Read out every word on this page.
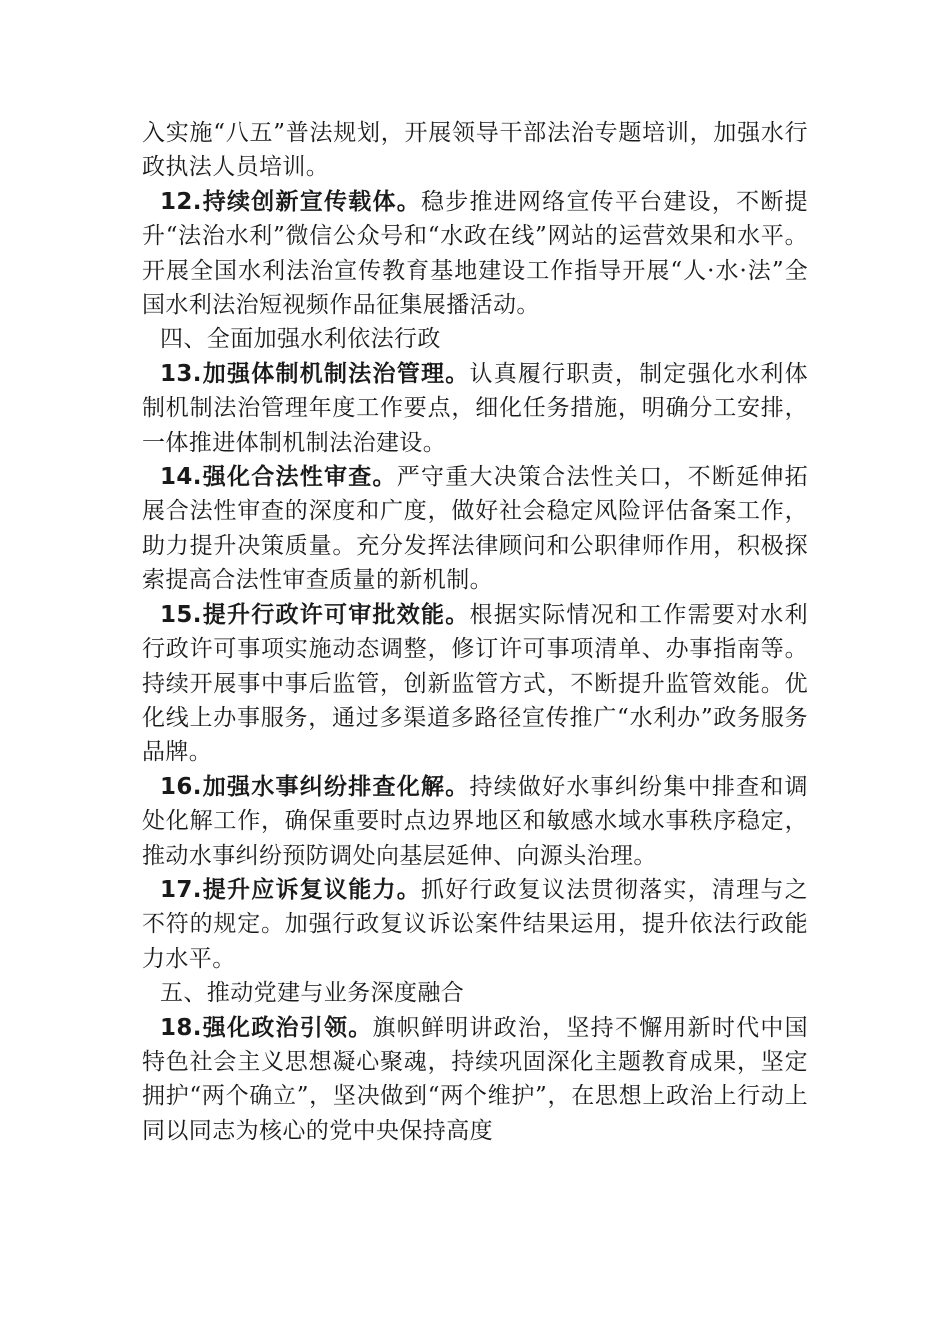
入实施“八五”普法规划，开展领导干部法治专题培训，加强水行政执法人员培训。

12.持续创新宣传载体。稳步推进网络宣传平台建设，不断提升“法治水利”微信公众号和“水政在线”网站的运营效果和水平。开展全国水利法治宣传教育基地建设工作指导开展“人·水·法”全国水利法治短视频作品征集展播活动。

四、全面加强水利依法行政

13.加强体制机制法治管理。认真履行职责，制定强化水利体制机制法治管理年度工作要点，细化任务措施，明确分工安排，一体推进体制机制法治建设。

14.强化合法性审查。严守重大决策合法性关口，不断延伸拓展合法性审查的深度和广度，做好社会稳定风险评估备案工作，助力提升决策质量。充分发挥法律顾问和公职律师作用，积极探索提高合法性审查质量的新机制。

15.提升行政许可审批效能。根据实际情况和工作需要对水利行政许可事项实施动态调整，修订许可事项清单、办事指南等。持续开展事中事后监管，创新监管方式，不断提升监管效能。优化线上办事服务，通过多渠道多路径宣传推广“水利办”政务服务品牌。

16.加强水事纠纷排查化解。持续做好水事纠纷集中排查和调处化解工作，确保重要时点边界地区和敏感水域水事秩序稳定，推动水事纠纷预防调处向基层延伸、向源头治理。

17.提升应诉复议能力。抓好行政复议法贯彻落实，清理与之不符的规定。加强行政复议诉讼案件结果运用，提升依法行政能力水平。

五、推动党建与业务深度融合

18.强化政治引领。旗帜鲜明讲政治，坚持不懈用新时代中国特色社会主义思想凝心聚魂，持续巩固深化主题教育成果，坚定拥护“两个确立”，坚决做到“两个维护”，在思想上政治上行动上同以同志为核心的党中央保持高度
